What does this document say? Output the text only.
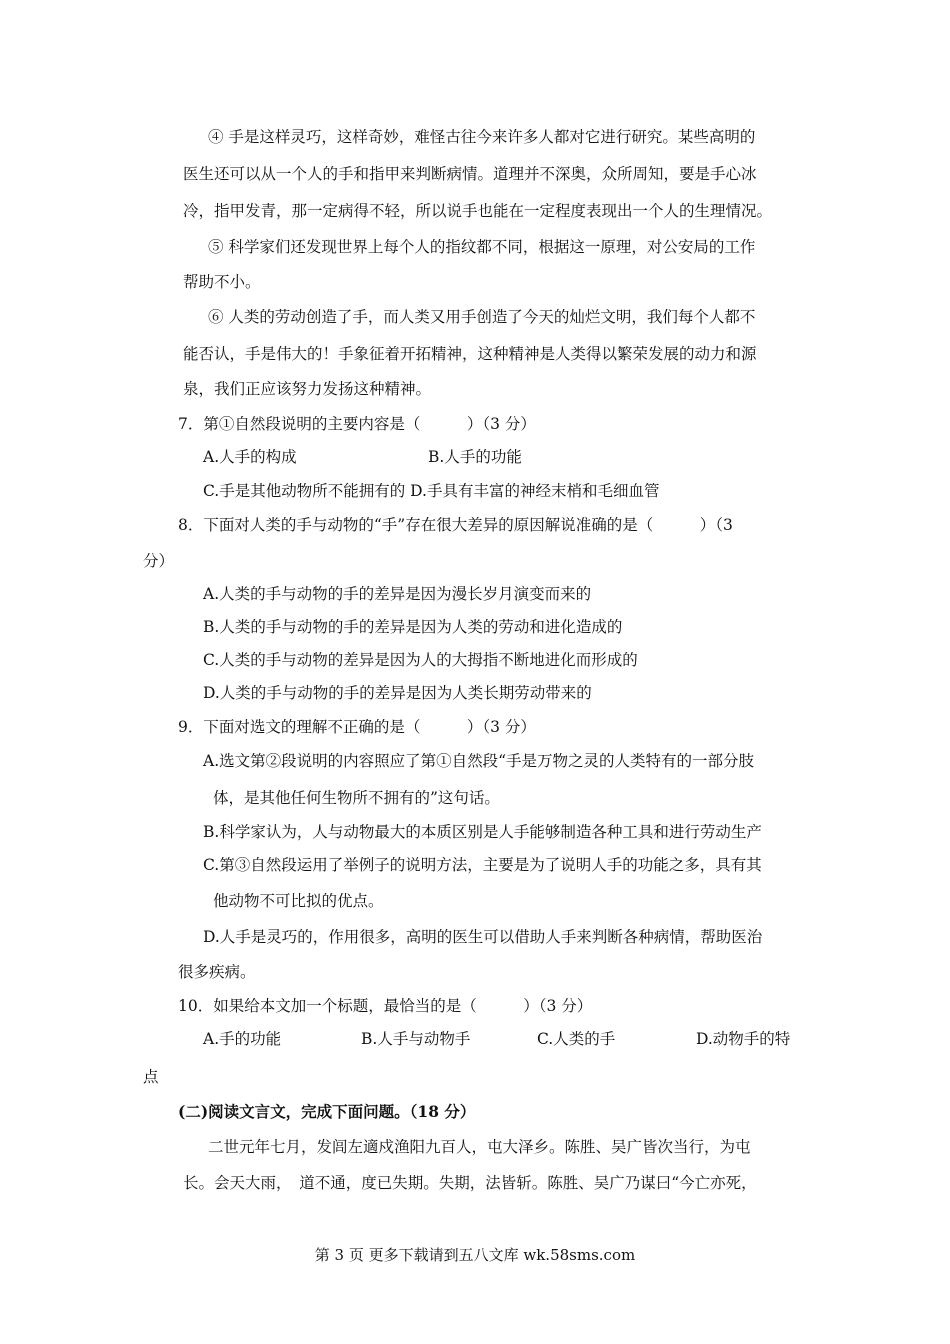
④ 手是这样灵巧，这样奇妙，难怪古往今来许多人都对它进行研究。某些高明的

医生还可以从一个人的手和指甲来判断病情。道理并不深奥，众所周知，要是手心冰

冷，指甲发青，那一定病得不轻，所以说手也能在一定程度表现出一个人的生理情况。

⑤ 科学家们还发现世界上每个人的指纹都不同，根据这一原理，对公安局的工作

帮助不小。

⑥ 人类的劳动创造了手，而人类又用手创造了今天的灿烂文明，我们每个人都不

能否认，手是伟大的！手象征着开拓精神，这种精神是人类得以繁荣发展的动力和源

泉，我们正应该努力发扬这种精神。

7．第①自然段说明的主要内容是（　　　）（3 分）

A.人手的构成	B.人手的功能

C.手是其他动物所不能拥有的 D.手具有丰富的神经末梢和毛细血管

8．下面对人类的手与动物的“手”存在很大差异的原因解说准确的是（　　　）（3

分）

A.人类的手与动物的手的差异是因为漫长岁月演变而来的

B.人类的手与动物的手的差异是因为人类的劳动和进化造成的

C.人类的手与动物的差异是因为人的大拇指不断地进化而形成的

D.人类的手与动物的手的差异是因为人类长期劳动带来的

9．下面对选文的理解不正确的是（　　　）（3 分）

A.选文第②段说明的内容照应了第①自然段“手是万物之灵的人类特有的一部分肢

体，是其他任何生物所不拥有的”这句话。

B.科学家认为，人与动物最大的本质区别是人手能够制造各种工具和进行劳动生产

C.第③自然段运用了举例子的说明方法，主要是为了说明人手的功能之多，具有其

他动物不可比拟的优点。

D.人手是灵巧的，作用很多，高明的医生可以借助人手来判断各种病情，帮助医治

很多疾病。

10．如果给本文加一个标题，最恰当的是（　　　）（3 分）

A.手的功能	B.人手与动物手	C.人类的手	D.动物手的特

点

(二)阅读文言文，完成下面问题。（18 分）

二世元年七月，发闾左適戍渔阳九百人，屯大泽乡。陈胜、吴广皆次当行，为屯

长。会天大雨，　道不通，度已失期。失期，法皆斩。陈胜、吴广乃谋曰“今亡亦死，

第 3 页 更多下载请到五八文库 wk.58sms.com
